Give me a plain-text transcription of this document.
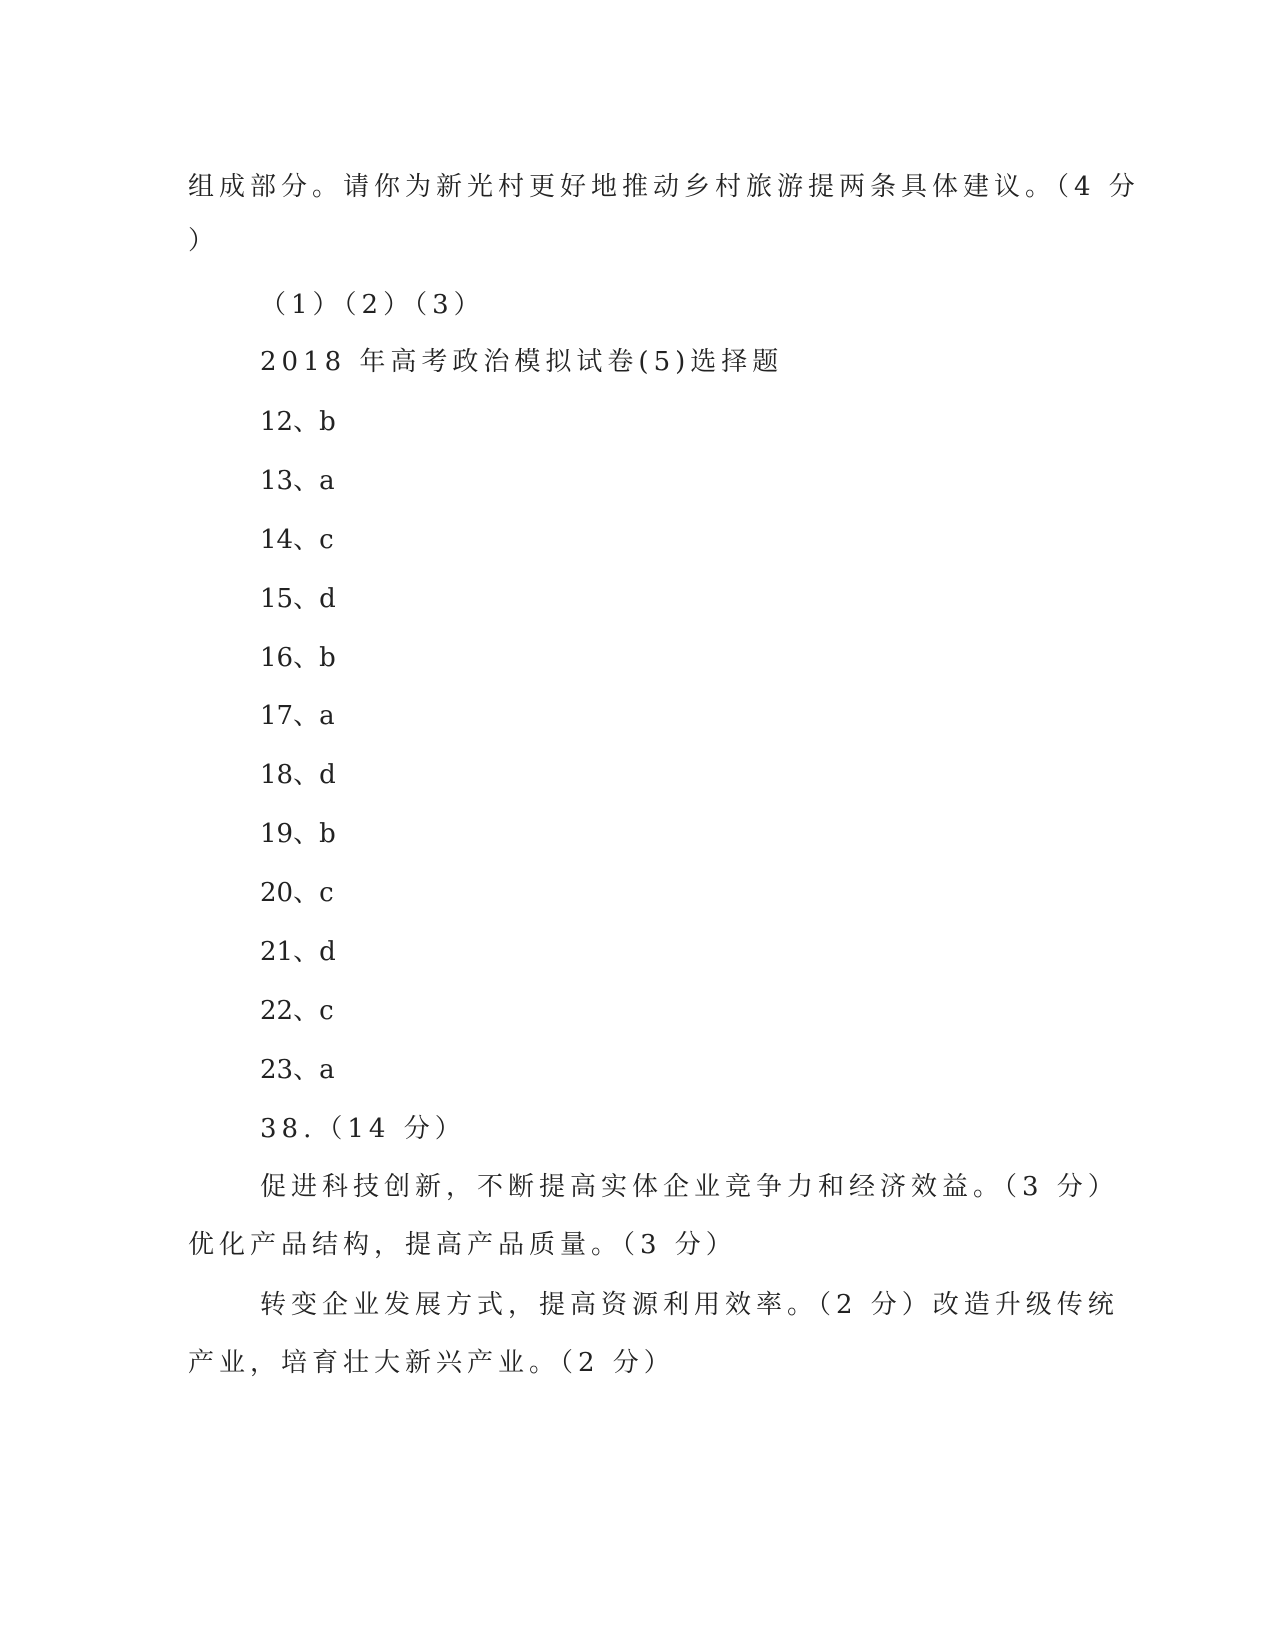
组成部分。请你为新光村更好地推动乡村旅游提两条具体建议。（4 分
）
（1）（2）（3）
2018 年高考政治模拟试卷(5)选择题
12、b
13、a
14、c
15、d
16、b
17、a
18、d
19、b
20、c
21、d
22、c
23、a
38.（14 分）
促进科技创新，不断提高实体企业竞争力和经济效益。（3 分）
优化产品结构，提高产品质量。（3 分）
转变企业发展方式，提高资源利用效率。（2 分）改造升级传统
产业，培育壮大新兴产业。（2 分）
